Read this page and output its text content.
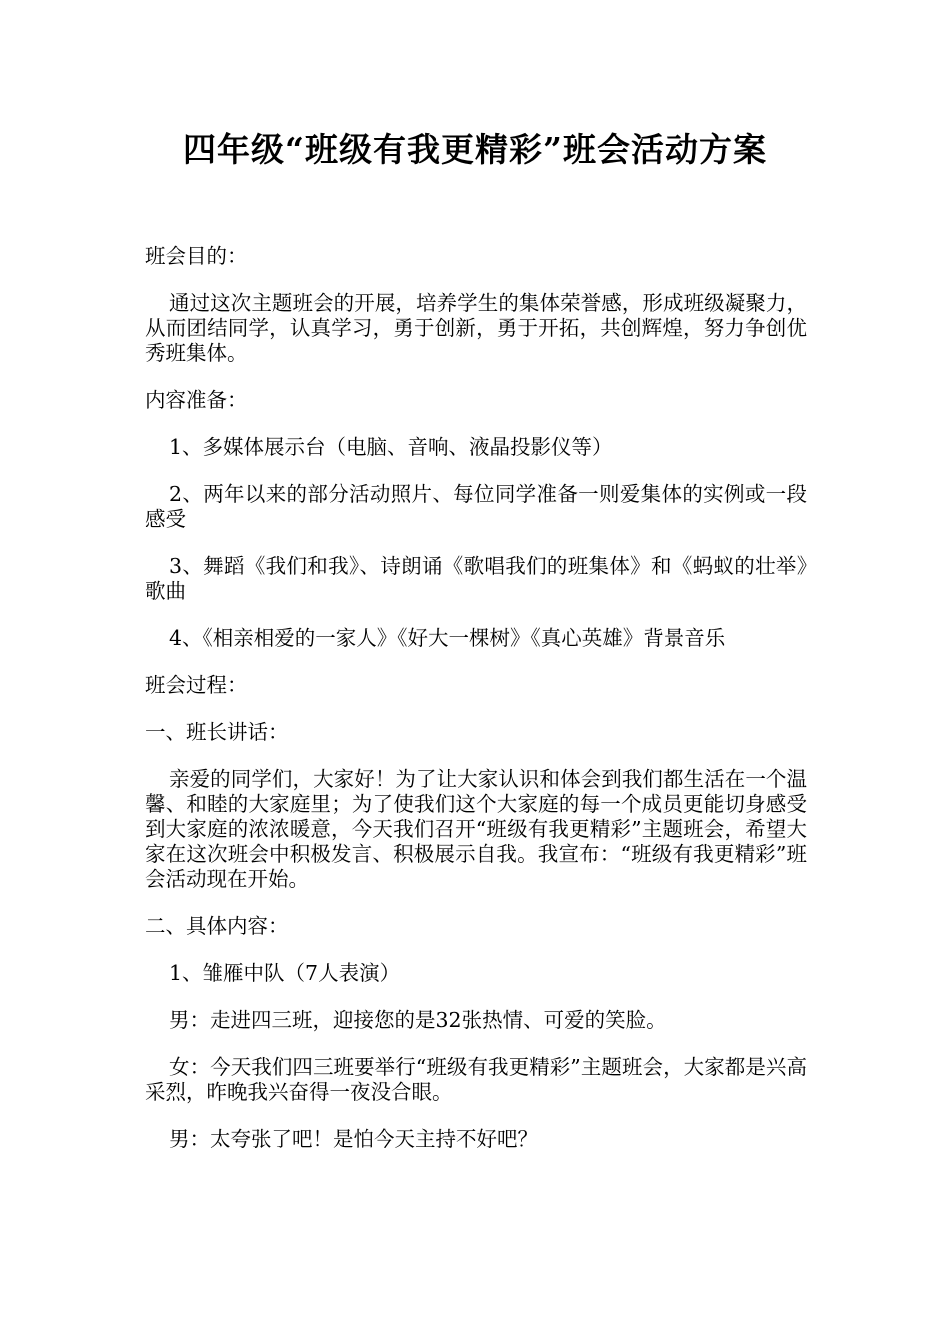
四年级“班级有我更精彩”班会活动方案

班会目的：

通过这次主题班会的开展，培养学生的集体荣誉感，形成班级凝聚力，从而团结同学，认真学习，勇于创新，勇于开拓，共创辉煌，努力争创优秀班集体。

内容准备：

1、多媒体展示台（电脑、音响、液晶投影仪等）

2、两年以来的部分活动照片、每位同学准备一则爱集体的实例或一段感受

3、舞蹈《我们和我》、诗朗诵《歌唱我们的班集体》和《蚂蚁的壮举》歌曲

4、《相亲相爱的一家人》《好大一棵树》《真心英雄》背景音乐

班会过程：

一、班长讲话：

亲爱的同学们，大家好！为了让大家认识和体会到我们都生活在一个温馨、和睦的大家庭里；为了使我们这个大家庭的每一个成员更能切身感受到大家庭的浓浓暖意，今天我们召开“班级有我更精彩”主题班会，希望大家在这次班会中积极发言、积极展示自我。我宣布：“班级有我更精彩”班会活动现在开始。

二、具体内容：

1、雏雁中队（7人表演）

男：走进四三班，迎接您的是32张热情、可爱的笑脸。

女：今天我们四三班要举行“班级有我更精彩”主题班会，大家都是兴高采烈，昨晚我兴奋得一夜没合眼。

男：太夸张了吧！是怕今天主持不好吧？
